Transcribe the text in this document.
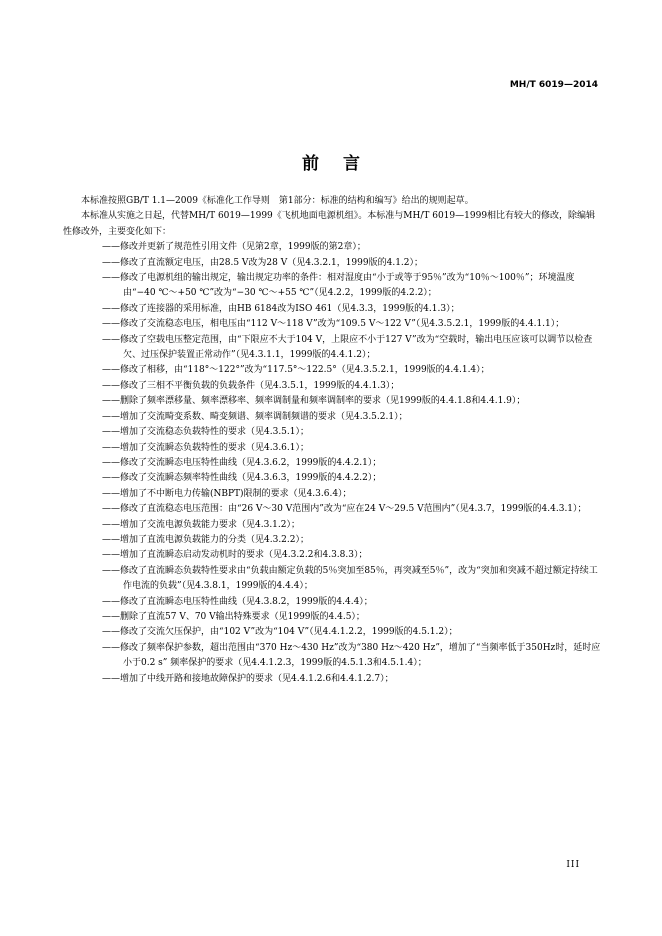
MH/T 6019—2014
前言

本标准按照GB/T 1.1—2009《标准化工作导则　第1部分：标准的结构和编写》给出的规则起草。

本标准从实施之日起，代替MH/T 6019—1999《飞机地面电源机组》。本标准与MH/T 6019—1999相比有较大的修改，除编辑性修改外，主要变化如下：

——修改并更新了规范性引用文件（见第2章，1999版的第2章）；

——修改了直流额定电压，由28.5 V改为28 V（见4.3.2.1，1999版的4.1.2）；

——修改了电源机组的输出规定，输出规定功率的条件：相对湿度由“小于或等于95％”改为“10％～100％”；环境温度由“−40 ℃～+50 ℃”改为“−30 ℃～+55 ℃”（见4.2.2，1999版的4.2.2）；

——修改了连接器的采用标准，由HB 6184改为ISO 461（见4.3.3，1999版的4.1.3）；

——修改了交流稳态电压，相电压由“112 V～118 V”改为“109.5 V～122 V”（见4.3.5.2.1，1999版的4.4.1.1）；

——修改了空载电压整定范围，由“下限应不大于104 V，上限应不小于127 V”改为“空载时，输出电压应该可以调节以检查欠、过压保护装置正常动作”（见4.3.1.1，1999版的4.4.1.2）；

——修改了相移，由“118°～122°”改为“117.5°～122.5°（见4.3.5.2.1，1999版的4.4.1.4）；

——修改了三相不平衡负载的负载条件（见4.3.5.1，1999版的4.4.1.3）；

——删除了频率漂移量、频率漂移率、频率调制量和频率调制率的要求（见1999版的4.4.1.8和4.4.1.9）；

——增加了交流畸变系数、畸变频谱、频率调制频谱的要求（见4.3.5.2.1）；

——增加了交流稳态负载特性的要求（见4.3.5.1）；

——增加了交流瞬态负载特性的要求（见4.3.6.1）；

——修改了交流瞬态电压特性曲线（见4.3.6.2，1999版的4.4.2.1）；

——修改了交流瞬态频率特性曲线（见4.3.6.3，1999版的4.4.2.2）；

——增加了不中断电力传输(NBPT)限制的要求（见4.3.6.4）；

——修改了直流稳态电压范围：由“26 V～30 V范围内”改为“应在24 V～29.5 V范围内”（见4.3.7，1999版的4.4.3.1）；

——增加了交流电源负载能力要求（见4.3.1.2）；

——增加了直流电源负载能力的分类（见4.3.2.2）；

——增加了直流瞬态启动发动机时的要求（见4.3.2.2和4.3.8.3）；

——修改了直流瞬态负载特性要求由“负载由额定负载的5％突加至85％，再突减至5％”，改为“突加和突减不超过额定持续工作电流的负载”（见4.3.8.1，1999版的4.4.4）；

——修改了直流瞬态电压特性曲线（见4.3.8.2，1999版的4.4.4）；

——删除了直流57 V、70 V输出特殊要求（见1999版的4.4.5）；

——修改了交流欠压保护，由“102 V”改为“104 V”（见4.4.1.2.2，1999版的4.5.1.2）；

——修改了频率保护参数，超出范围由“370 Hz～430 Hz”改为“380 Hz～420 Hz”，增加了“当频率低于350Hz时，延时应小于0.2 s” 频率保护的要求（见4.4.1.2.3，1999版的4.5.1.3和4.5.1.4）；

——增加了中线开路和接地故障保护的要求（见4.4.1.2.6和4.4.1.2.7）；

III
